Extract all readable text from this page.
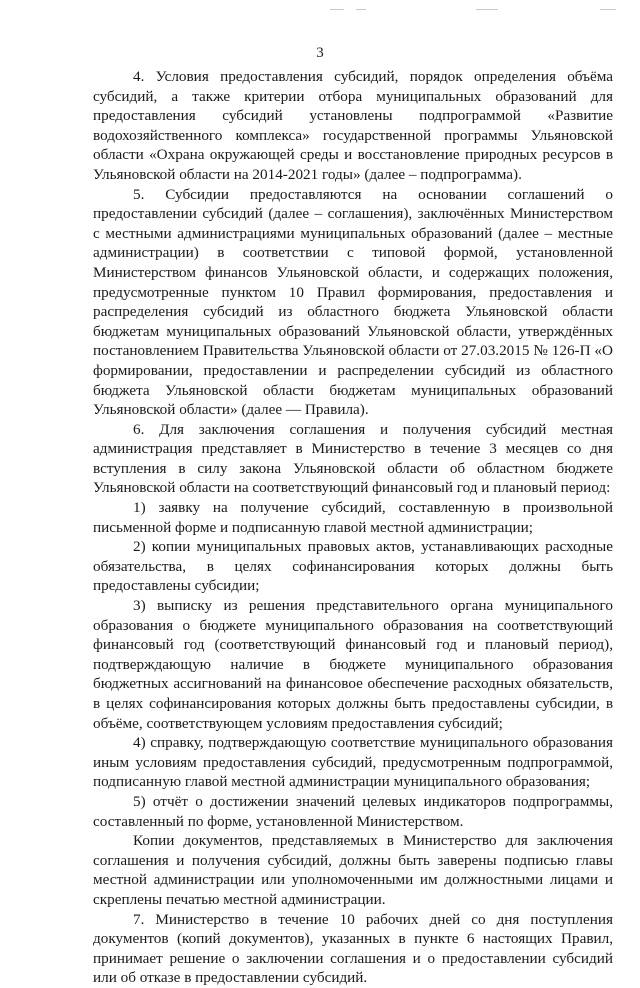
3

4. Условия предоставления субсидий, порядок определения объёма субсидий, а также критерии отбора муниципальных образований для предоставления субсидий установлены подпрограммой «Развитие водохозяйственного комплекса» государственной программы Ульяновской области «Охрана окружающей среды и восстановление природных ресурсов в Ульяновской области на 2014-2021 годы» (далее – подпрограмма).

5. Субсидии предоставляются на основании соглашений о предоставлении субсидий (далее – соглашения), заключённых Министерством с местными администрациями муниципальных образований (далее – местные администрации) в соответствии с типовой формой, установленной Министерством финансов Ульяновской области, и содержащих положения, предусмотренные пунктом 10 Правил формирования, предоставления и распределения субсидий из областного бюджета Ульяновской области бюджетам муниципальных образований Ульяновской области, утверждённых постановлением Правительства Ульяновской области от 27.03.2015 № 126-П «О формировании, предоставлении и распределении субсидий из областного бюджета Ульяновской области бюджетам муниципальных образований Ульяновской области» (далее — Правила).

6. Для заключения соглашения и получения субсидий местная администрация представляет в Министерство в течение 3 месяцев со дня вступления в силу закона Ульяновской области об областном бюджете Ульяновской области на соответствующий финансовый год и плановый период:

1) заявку на получение субсидий, составленную в произвольной письменной форме и подписанную главой местной администрации;

2) копии муниципальных правовых актов, устанавливающих расходные обязательства, в целях софинансирования которых должны быть предоставлены субсидии;

3) выписку из решения представительного органа муниципального образования о бюджете муниципального образования на соответствующий финансовый год (соответствующий финансовый год и плановый период), подтверждающую наличие в бюджете муниципального образования бюджетных ассигнований на финансовое обеспечение расходных обязательств, в целях софинансирования которых должны быть предоставлены субсидии, в объёме, соответствующем условиям предоставления субсидий;

4) справку, подтверждающую соответствие муниципального образования иным условиям предоставления субсидий, предусмотренным подпрограммой, подписанную главой местной администрации муниципального образования;

5) отчёт о достижении значений целевых индикаторов подпрограммы, составленный по форме, установленной Министерством.

Копии документов, представляемых в Министерство для заключения соглашения и получения субсидий, должны быть заверены подписью главы местной администрации или уполномоченными им должностными лицами и скреплены печатью местной администрации.

7. Министерство в течение 10 рабочих дней со дня поступления документов (копий документов), указанных в пункте 6 настоящих Правил, принимает решение о заключении соглашения и о предоставлении субсидий или об отказе в предоставлении субсидий.
